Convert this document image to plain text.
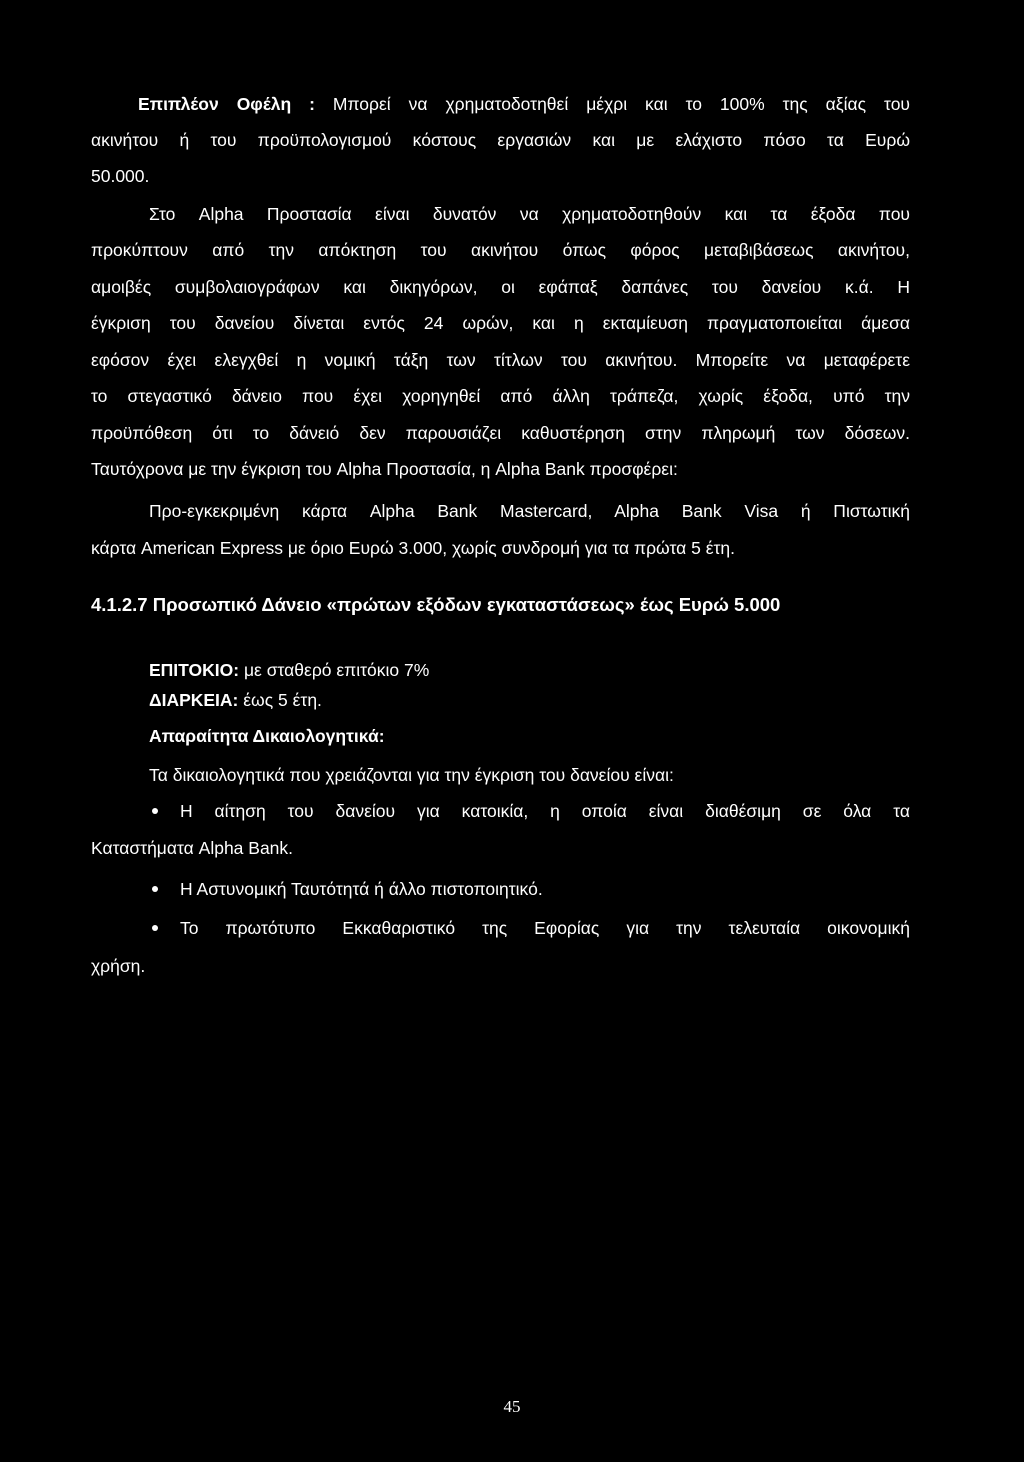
Επιπλέον Οφέλη : Μπορεί να χρηματοδοτηθεί μέχρι και το 100% της αξίας του
ακινήτου ή του προϋπολογισμού κόστους εργασιών και με ελάχιστο πόσο τα Ευρώ
50.000.
Στο Alpha Προστασία είναι δυνατόν να χρηματοδοτηθούν και τα έξοδα που
προκύπτουν από την απόκτηση του ακινήτου όπως φόρος μεταβιβάσεως ακινήτου,
αμοιβές συμβολαιογράφων και δικηγόρων, οι εφάπαξ δαπάνες του δανείου κ.ά. Η
έγκριση του δανείου δίνεται εντός 24 ωρών, και η εκταμίευση πραγματοποιείται άμεσα
εφόσον έχει ελεγχθεί η νομική τάξη των τίτλων του ακινήτου. Μπορείτε να μεταφέρετε
το στεγαστικό δάνειο που έχει χορηγηθεί από άλλη τράπεζα, χωρίς έξοδα, υπό την
προϋπόθεση ότι το δάνειό δεν παρουσιάζει καθυστέρηση στην πληρωμή των δόσεων.
Ταυτόχρονα με την έγκριση του Alpha Προστασία, η Alpha Bank προσφέρει:
Προ-εγκεκριμένη κάρτα Alpha Bank Mastercard, Alpha Bank Visa ή Πιστωτική
κάρτα American Express με όριο Ευρώ 3.000, χωρίς συνδρομή για τα πρώτα 5 έτη.
4.1.2.7 Προσωπικό Δάνειο «πρώτων εξόδων εγκαταστάσεως» έως Ευρώ 5.000
ΕΠΙΤΟΚΙΟ: με σταθερό επιτόκιο 7%
ΔΙΑΡΚΕΙΑ: έως 5 έτη.
Απαραίτητα Δικαιολογητικά:
Τα δικαιολογητικά που χρειάζονται για την έγκριση του δανείου είναι:
Η αίτηση του δανείου για κατοικία, η οποία είναι διαθέσιμη σε όλα τα
Καταστήματα Alpha Bank.
Η Αστυνομική Ταυτότητά ή άλλο πιστοποιητικό.
Το πρωτότυπο Εκκαθαριστικό της Εφορίας για την τελευταία οικονομική
χρήση.
45
